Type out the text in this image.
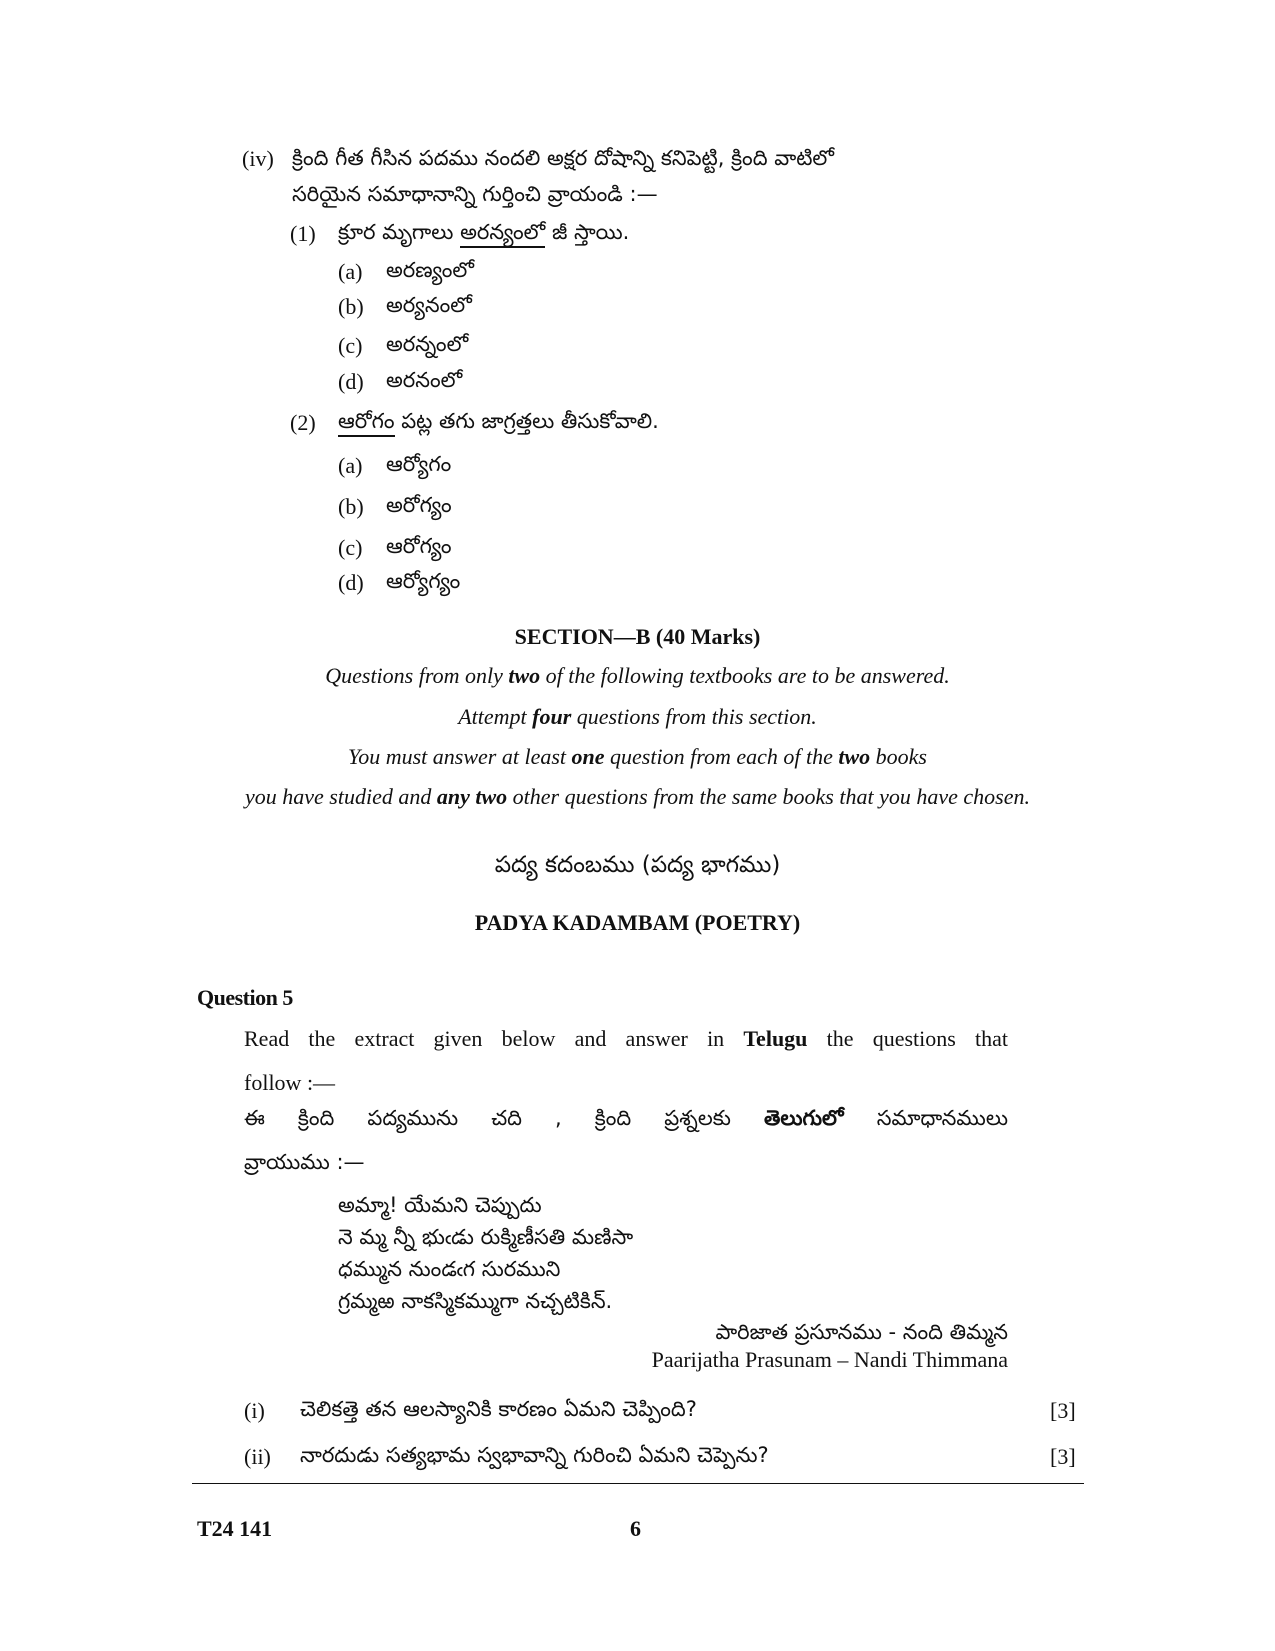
(iv) క్రింది గీత గీసిన పదము నందలి అక్షర దోషాన్ని కనిపెట్టి, క్రింది వాటిలో
సరియైన సమాధానాన్ని గుర్తించి వ్రాయండి :—
(1) క్రూర మృగాలు అరన్యంలో జీ స్తాయి.
(a) అరణ్యంలో
(b) అర్యనంలో
(c) అరన్నంలో
(d) అరనంలో
(2) ఆరోగం పట్ల తగు జాగ్రత్తలు తీసుకోవాలి.
(a) ఆర్యోగం
(b) అరోగ్యం
(c) ఆరోగ్యం
(d) ఆర్యోగ్యం
SECTION—B (40 Marks)
Questions from only two of the following textbooks are to be answered.
Attempt four questions from this section.
You must answer at least one question from each of the two books
you have studied and any two other questions from the same books that you have chosen.
పద్య కదంబము (పద్య భాగము)
PADYA KADAMBAM (POETRY)
Question 5
Read the extract given below and answer in Telugu the questions that
follow :—
ఈ క్రింది పద్యమును చది , క్రింది ప్రశ్నలకు తెలుగులో సమాధానములు
వ్రాయుము :—
అమ్మా! యేమని చెప్పుదు
నె మ్మ న్నీ భుఁడు రుక్మిణీసతి మణిసా
ధమ్మున నుండఁగ సురముని
గ్రమ్మఱ నాకస్మికమ్ముగా నచ్చటికిన్.
పారిజాత ప్రసూనము - నంది తిమ్మన
Paarijatha Prasunam – Nandi Thimmana
(i) చెలికత్తె తన ఆలస్యానికి కారణం ఏమని చెప్పింది?	[3]
(ii) నారదుడు సత్యభామ స్వభావాన్ని గురించి ఏమని చెప్పెను?	[3]
T24 141	6
